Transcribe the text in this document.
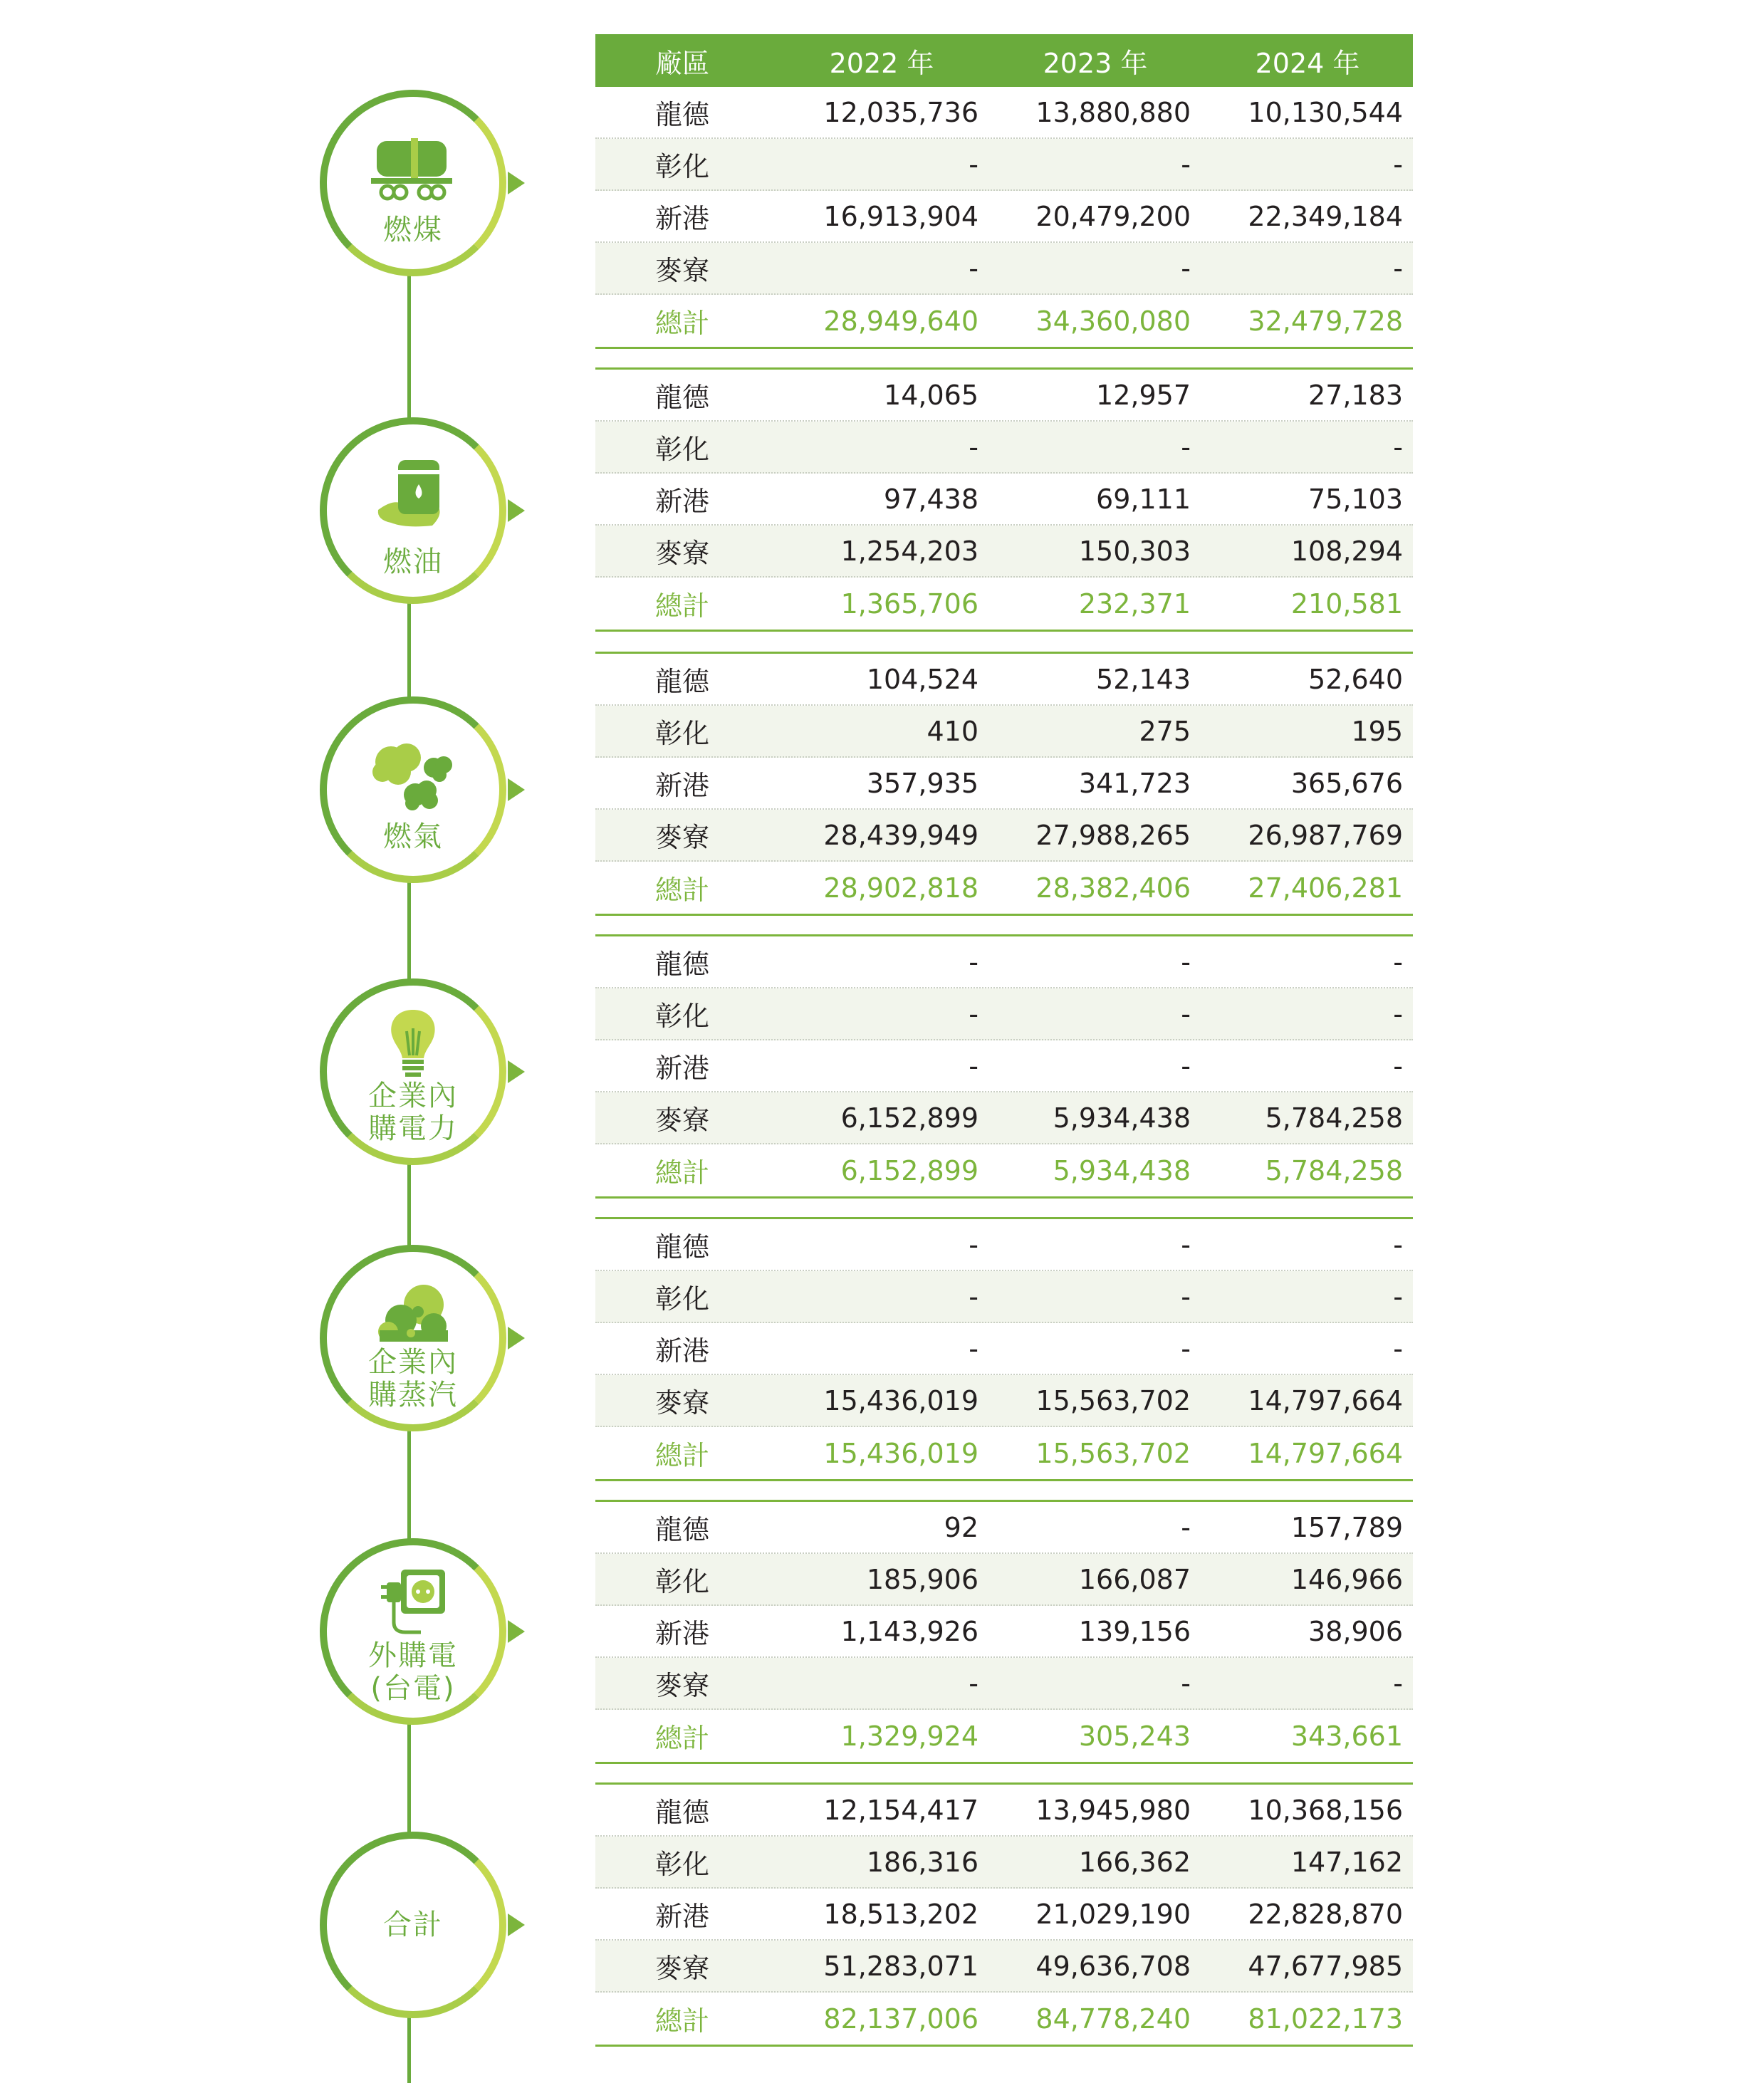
燃煤
燃油
燃氣
企業內
購電力
企業內
購蒸汽
外購電
(台電)
合計
廠區	2022 年	2023 年	2024 年
龍德	12,035,736	13,880,880	10,130,544
彰化	-	-	-
新港	16,913,904	20,479,200	22,349,184
麥寮	-	-	-
總計	28,949,640	34,360,080	32,479,728
龍德	14,065	12,957	27,183
彰化	-	-	-
新港	97,438	69,111	75,103
麥寮	1,254,203	150,303	108,294
總計	1,365,706	232,371	210,581
龍德	104,524	52,143	52,640
彰化	410	275	195
新港	357,935	341,723	365,676
麥寮	28,439,949	27,988,265	26,987,769
總計	28,902,818	28,382,406	27,406,281
龍德	-	-	-
彰化	-	-	-
新港	-	-	-
麥寮	6,152,899	5,934,438	5,784,258
總計	6,152,899	5,934,438	5,784,258
龍德	-	-	-
彰化	-	-	-
新港	-	-	-
麥寮	15,436,019	15,563,702	14,797,664
總計	15,436,019	15,563,702	14,797,664
龍德	92	-	157,789
彰化	185,906	166,087	146,966
新港	1,143,926	139,156	38,906
麥寮	-	-	-
總計	1,329,924	305,243	343,661
龍德	12,154,417	13,945,980	10,368,156
彰化	186,316	166,362	147,162
新港	18,513,202	21,029,190	22,828,870
麥寮	51,283,071	49,636,708	47,677,985
總計	82,137,006	84,778,240	81,022,173
